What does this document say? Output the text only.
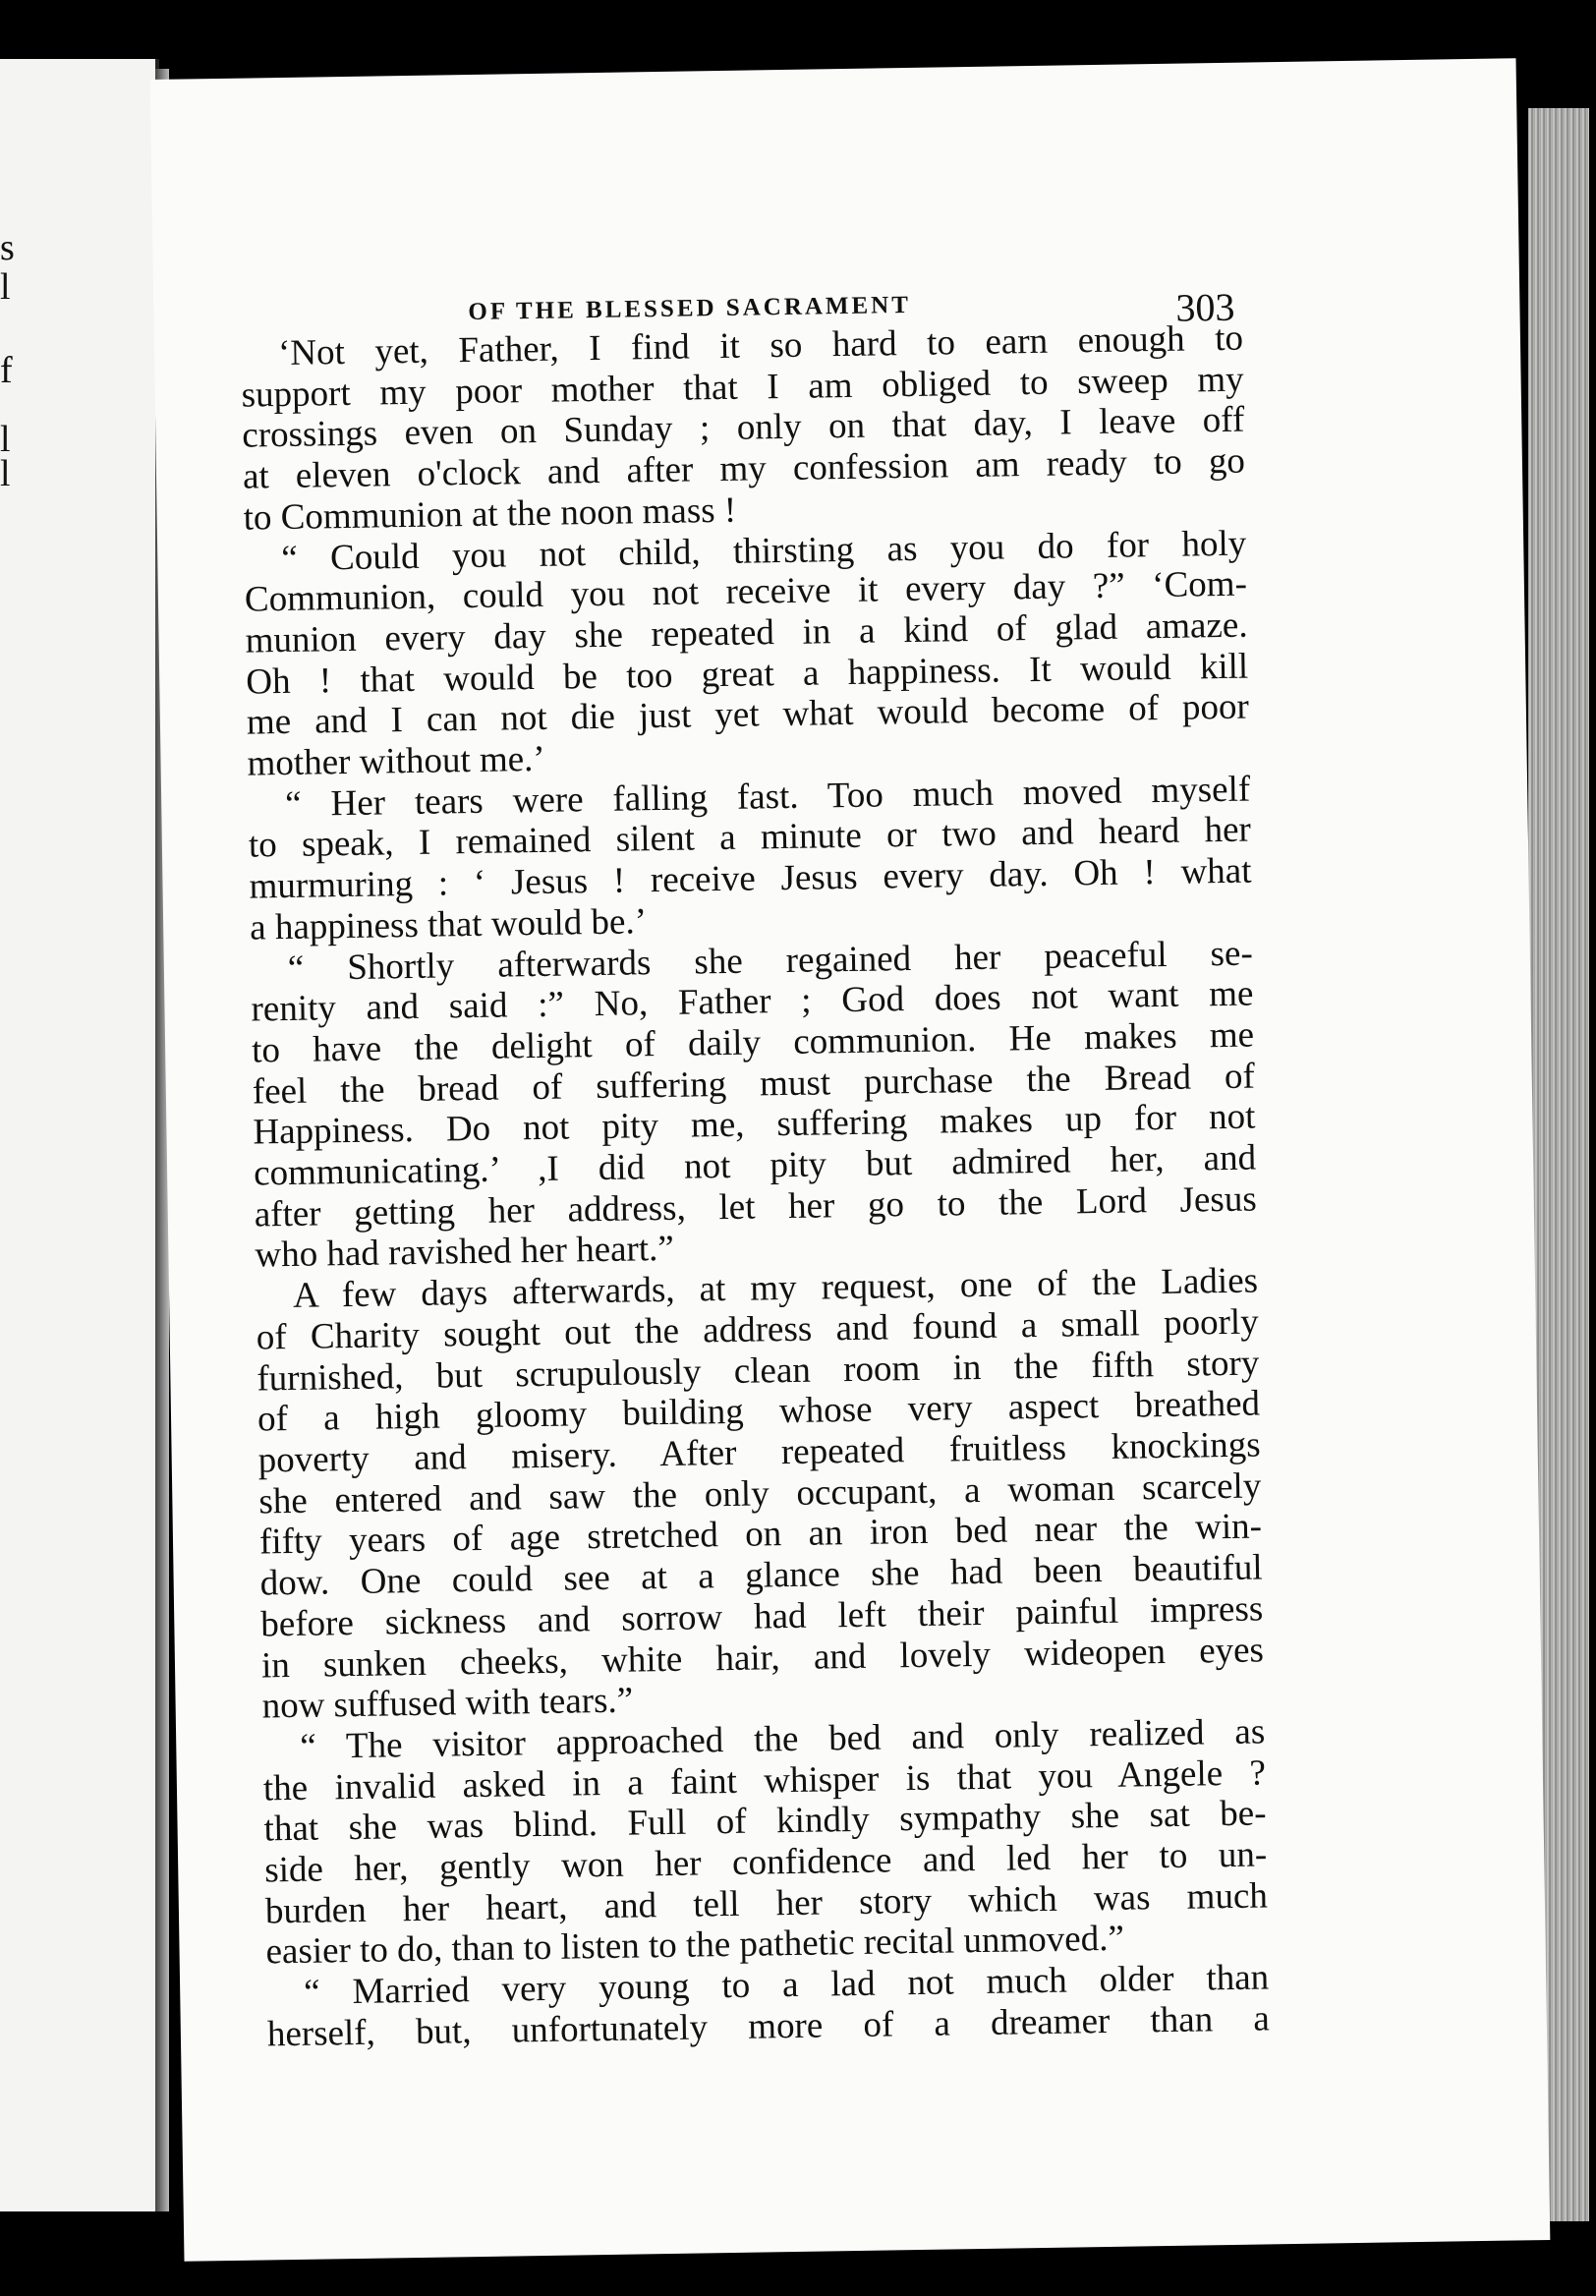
s
l
f
l
l
OF THE BLESSED SACRAMENT	303
‘Not yet, Father, I find it so hard to earn enough to
support my poor mother that I am obliged to sweep my
crossings even on Sunday ; only on that day, I leave off
at eleven o'clock and after my confession am ready to go
to Communion at the noon mass !
“ Could you not child, thirsting as you do for holy
Communion, could you not receive it every day ?” ‘Com-
munion every day she repeated in a kind of glad amaze.
Oh ! that would be too great a happiness. It would kill
me and I can not die just yet what would become of poor
mother without me.’
“ Her tears were falling fast. Too much moved myself
to speak, I remained silent a minute or two and heard her
murmuring : ‘ Jesus ! receive Jesus every day. Oh ! what
a happiness that would be.’
“ Shortly afterwards she regained her peaceful se-
renity and said :” No, Father ; God does not want me
to have the delight of daily communion. He makes me
feel the bread of suffering must purchase the Bread of
Happiness. Do not pity me, suffering makes up for not
communicating.’ ,I did not pity but admired her, and
after getting her address, let her go to the Lord Jesus
who had ravished her heart.”
A few days afterwards, at my request, one of the Ladies
of Charity sought out the address and found a small poorly
furnished, but scrupulously clean room in the fifth story
of a high gloomy building whose very aspect breathed
poverty and misery. After repeated fruitless knockings
she entered and saw the only occupant, a woman scarcely
fifty years of age stretched on an iron bed near the win-
dow. One could see at a glance she had been beautiful
before sickness and sorrow had left their painful impress
in sunken cheeks, white hair, and lovely wideopen eyes
now suffused with tears.”
“ The visitor approached the bed and only realized as
the invalid asked in a faint whisper is that you Angele ?
that she was blind. Full of kindly sympathy she sat be-
side her, gently won her confidence and led her to un-
burden her heart, and tell her story which was much
easier to do, than to listen to the pathetic recital unmoved.”
“ Married very young to a lad not much older than
herself, but, unfortunately more of a dreamer than a
